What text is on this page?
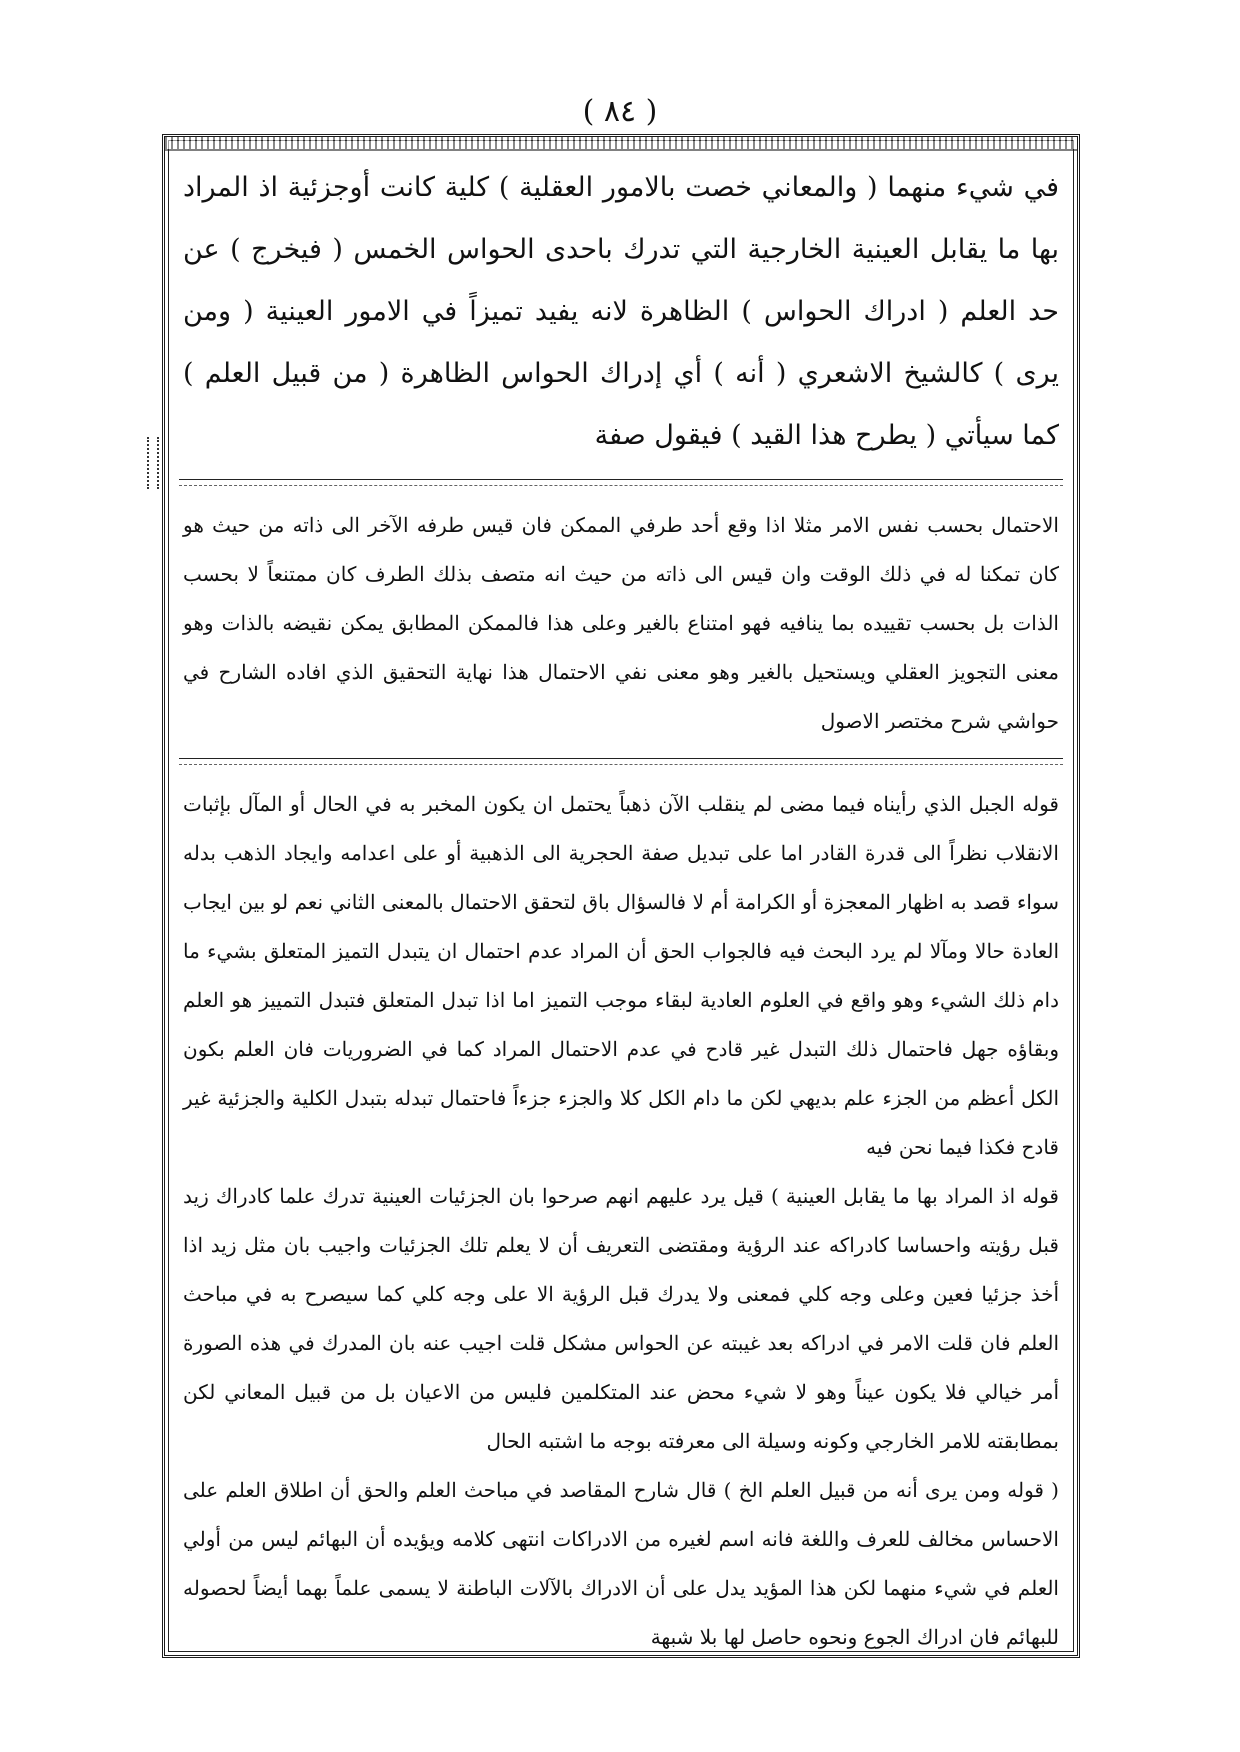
( ٨٤ )

في شيء منهما ( والمعاني خصت بالامور العقلية ) كلية كانت أوجزئية اذ المراد بها ما يقابل العينية الخارجية التي تدرك باحدى الحواس الخمس ( فيخرج ) عن حد العلم ( ادراك الحواس ) الظاهرة لانه يفيد تميزاً في الامور العينية ( ومن يرى ) كالشيخ الاشعري ( أنه ) أي إدراك الحواس الظاهرة ( من قبيل العلم ) كما سيأتي ( يطرح هذا القيد ) فيقول صفة

الاحتمال بحسب نفس الامر مثلا اذا وقع أحد طرفي الممكن فان قيس طرفه الآخر الى ذاته من حيث هو كان تمكنا له في ذلك الوقت وان قيس الى ذاته من حيث انه متصف بذلك الطرف كان ممتنعاً لا بحسب الذات بل بحسب تقييده بما ينافيه فهو امتناع بالغير وعلى هذا فالممكن المطابق يمكن نقيضه بالذات وهو معنى التجويز العقلي ويستحيل بالغير وهو معنى نفي الاحتمال هذا نهاية التحقيق الذي افاده الشارح في حواشي شرح مختصر الاصول

قوله الجبل الذي رأيناه فيما مضى لم ينقلب الآن ذهباً يحتمل ان يكون المخبر به في الحال أو المآل بإثبات الانقلاب نظراً الى قدرة القادر اما على تبديل صفة الحجرية الى الذهبية أو على اعدامه وايجاد الذهب بدله سواء قصد به اظهار المعجزة أو الكرامة أم لا فالسؤال باق لتحقق الاحتمال بالمعنى الثاني نعم لو بين ايجاب العادة حالا ومآلا لم يرد البحث فيه فالجواب الحق أن المراد عدم احتمال ان يتبدل التميز المتعلق بشيء ما دام ذلك الشيء وهو واقع في العلوم العادية لبقاء موجب التميز اما اذا تبدل المتعلق فتبدل التمييز هو العلم وبقاؤه جهل فاحتمال ذلك التبدل غير قادح في عدم الاحتمال المراد كما في الضروريات فان العلم بكون الكل أعظم من الجزء علم بديهي لكن ما دام الكل كلا والجزء جزءاً فاحتمال تبدله بتبدل الكلية والجزئية غير قادح فكذا فيما نحن فيه

قوله اذ المراد بها ما يقابل العينية ) قيل يرد عليهم انهم صرحوا بان الجزئيات العينية تدرك علما كادراك زيد قبل رؤيته واحساسا كادراكه عند الرؤية ومقتضى التعريف أن لا يعلم تلك الجزئيات واجيب بان مثل زيد اذا أخذ جزئيا فعين وعلى وجه كلي فمعنى ولا يدرك قبل الرؤية الا على وجه كلي كما سيصرح به في مباحث العلم فان قلت الامر في ادراكه بعد غيبته عن الحواس مشكل قلت اجيب عنه بان المدرك في هذه الصورة أمر خيالي فلا يكون عيناً وهو لا شيء محض عند المتكلمين فليس من الاعيان بل من قبيل المعاني لكن بمطابقته للامر الخارجي وكونه وسيلة الى معرفته بوجه ما اشتبه الحال

( قوله ومن يرى أنه من قبيل العلم الخ ) قال شارح المقاصد في مباحث العلم والحق أن اطلاق العلم على الاحساس مخالف للعرف واللغة فانه اسم لغيره من الادراكات انتهى كلامه ويؤيده أن البهائم ليس من أولي العلم في شيء منهما لكن هذا المؤيد يدل على أن الادراك بالآلات الباطنة لا يسمى علماً بهما أيضاً لحصوله للبهائم فان ادراك الجوع ونحوه حاصل لها بلا شبهة
